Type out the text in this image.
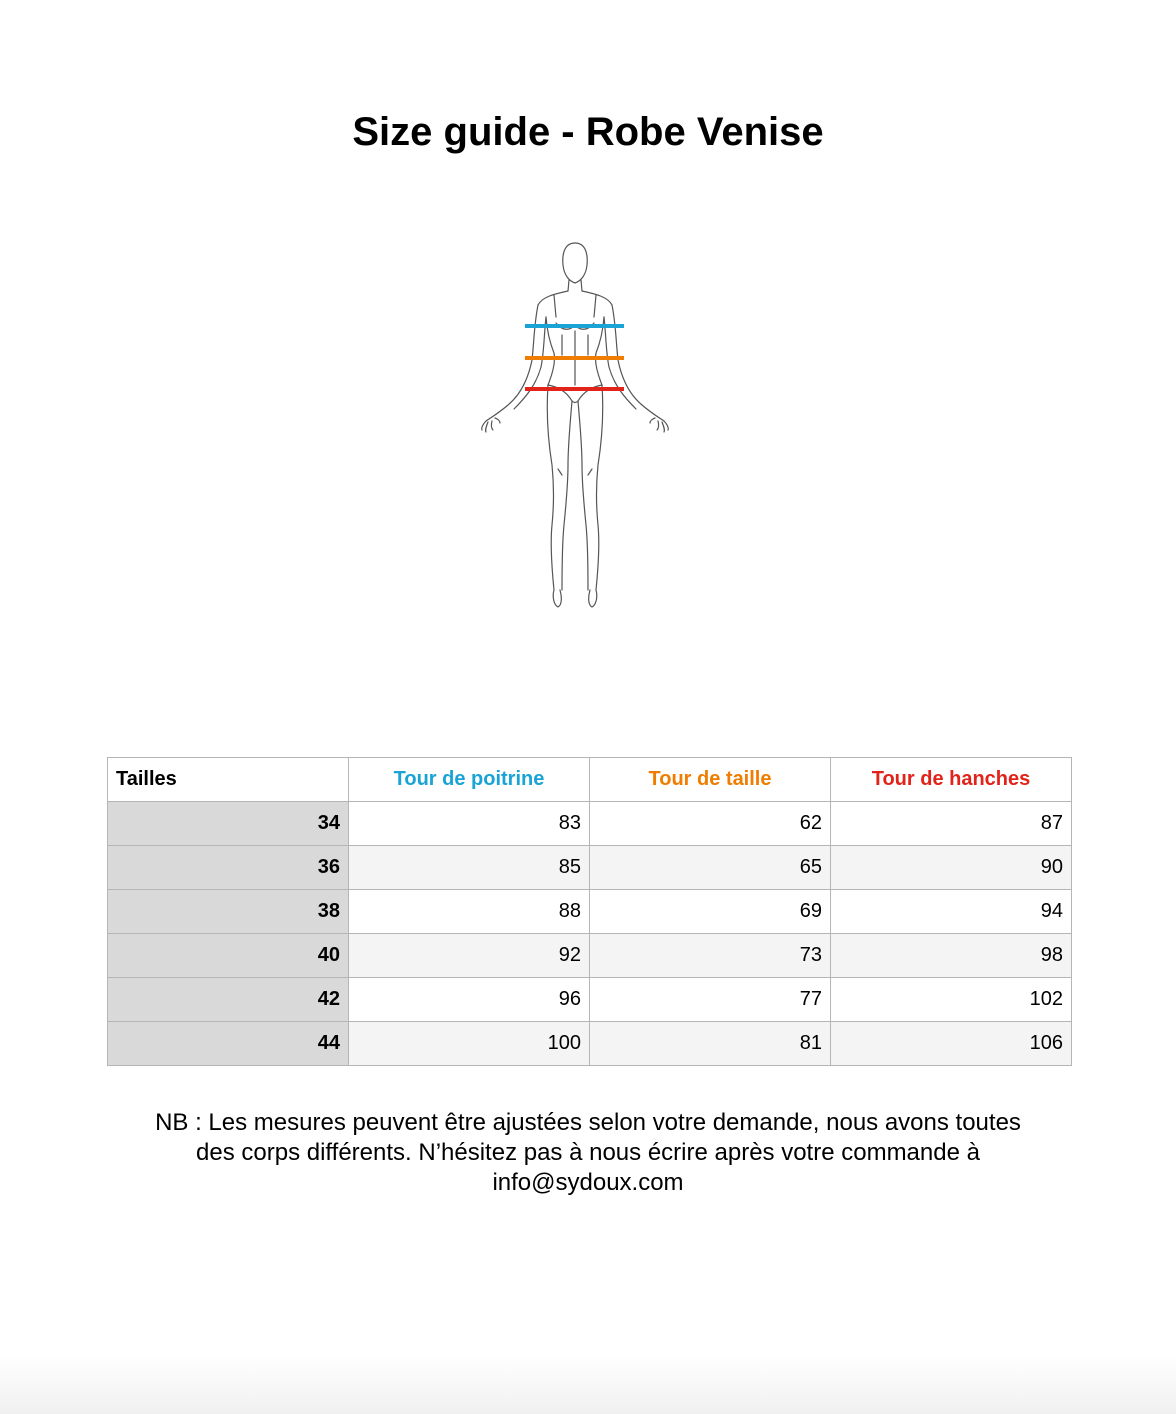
Size guide - Robe Venise
Tailles	Tour de poitrine	Tour de taille	Tour de hanches
34	83	62	87
36	85	65	90
38	88	69	94
40	92	73	98
42	96	77	102
44	100	81	106

NB : Les mesures peuvent être ajustées selon votre demande, nous avons toutes
des corps différents. N’hésitez pas à nous écrire après votre commande à
info@sydoux.com
